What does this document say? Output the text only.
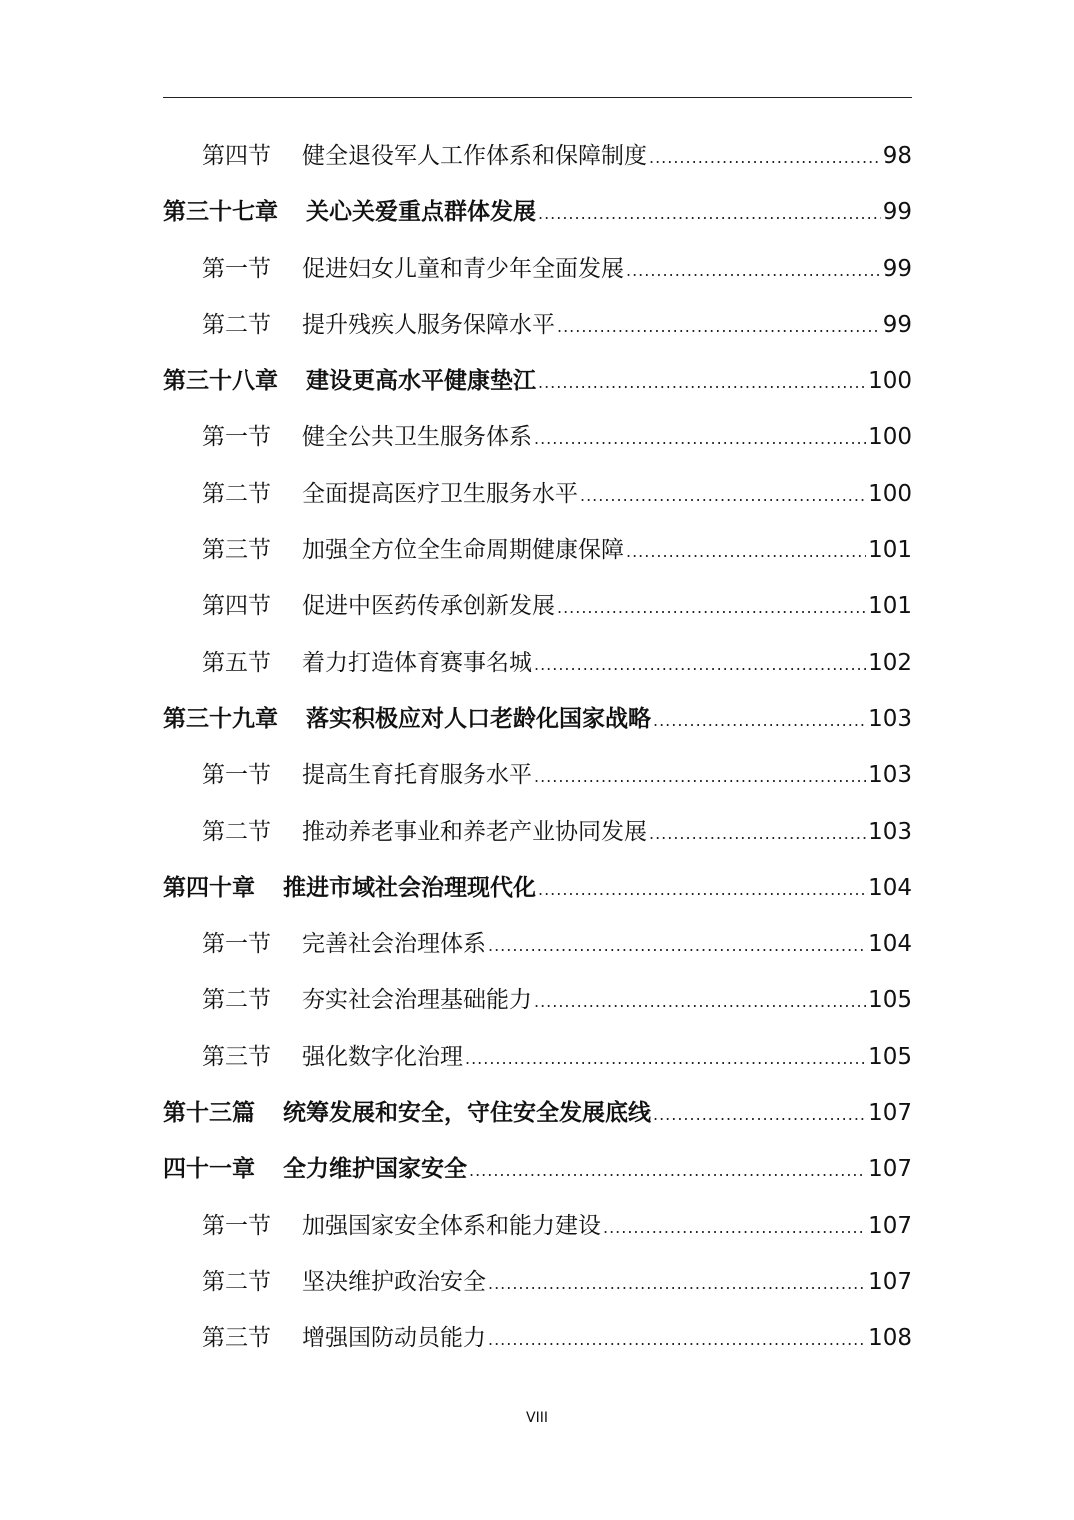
第四节	健全退役军人工作体系和保障制度 .....	98
第三十七章	关心关爱重点群体发展 .....	99
第一节	促进妇女儿童和青少年全面发展 .....	99
第二节	提升残疾人服务保障水平 .....	99
第三十八章	建设更高水平健康垫江 .....	100
第一节	健全公共卫生服务体系 .....	100
第二节	全面提高医疗卫生服务水平 .....	100
第三节	加强全方位全生命周期健康保障 .....	101
第四节	促进中医药传承创新发展 .....	101
第五节	着力打造体育赛事名城 .....	102
第三十九章	落实积极应对人口老龄化国家战略 .....	103
第一节	提高生育托育服务水平 .....	103
第二节	推动养老事业和养老产业协同发展 .....	103
第四十章	推进市域社会治理现代化 .....	104
第一节	完善社会治理体系 .....	104
第二节	夯实社会治理基础能力 .....	105
第三节	强化数字化治理 .....	105
第十三篇	统筹发展和安全，守住安全发展底线 .....	107
四十一章	全力维护国家安全 .....	107
第一节	加强国家安全体系和能力建设 .....	107
第二节	坚决维护政治安全 .....	107
第三节	增强国防动员能力 .....	108
VIII
